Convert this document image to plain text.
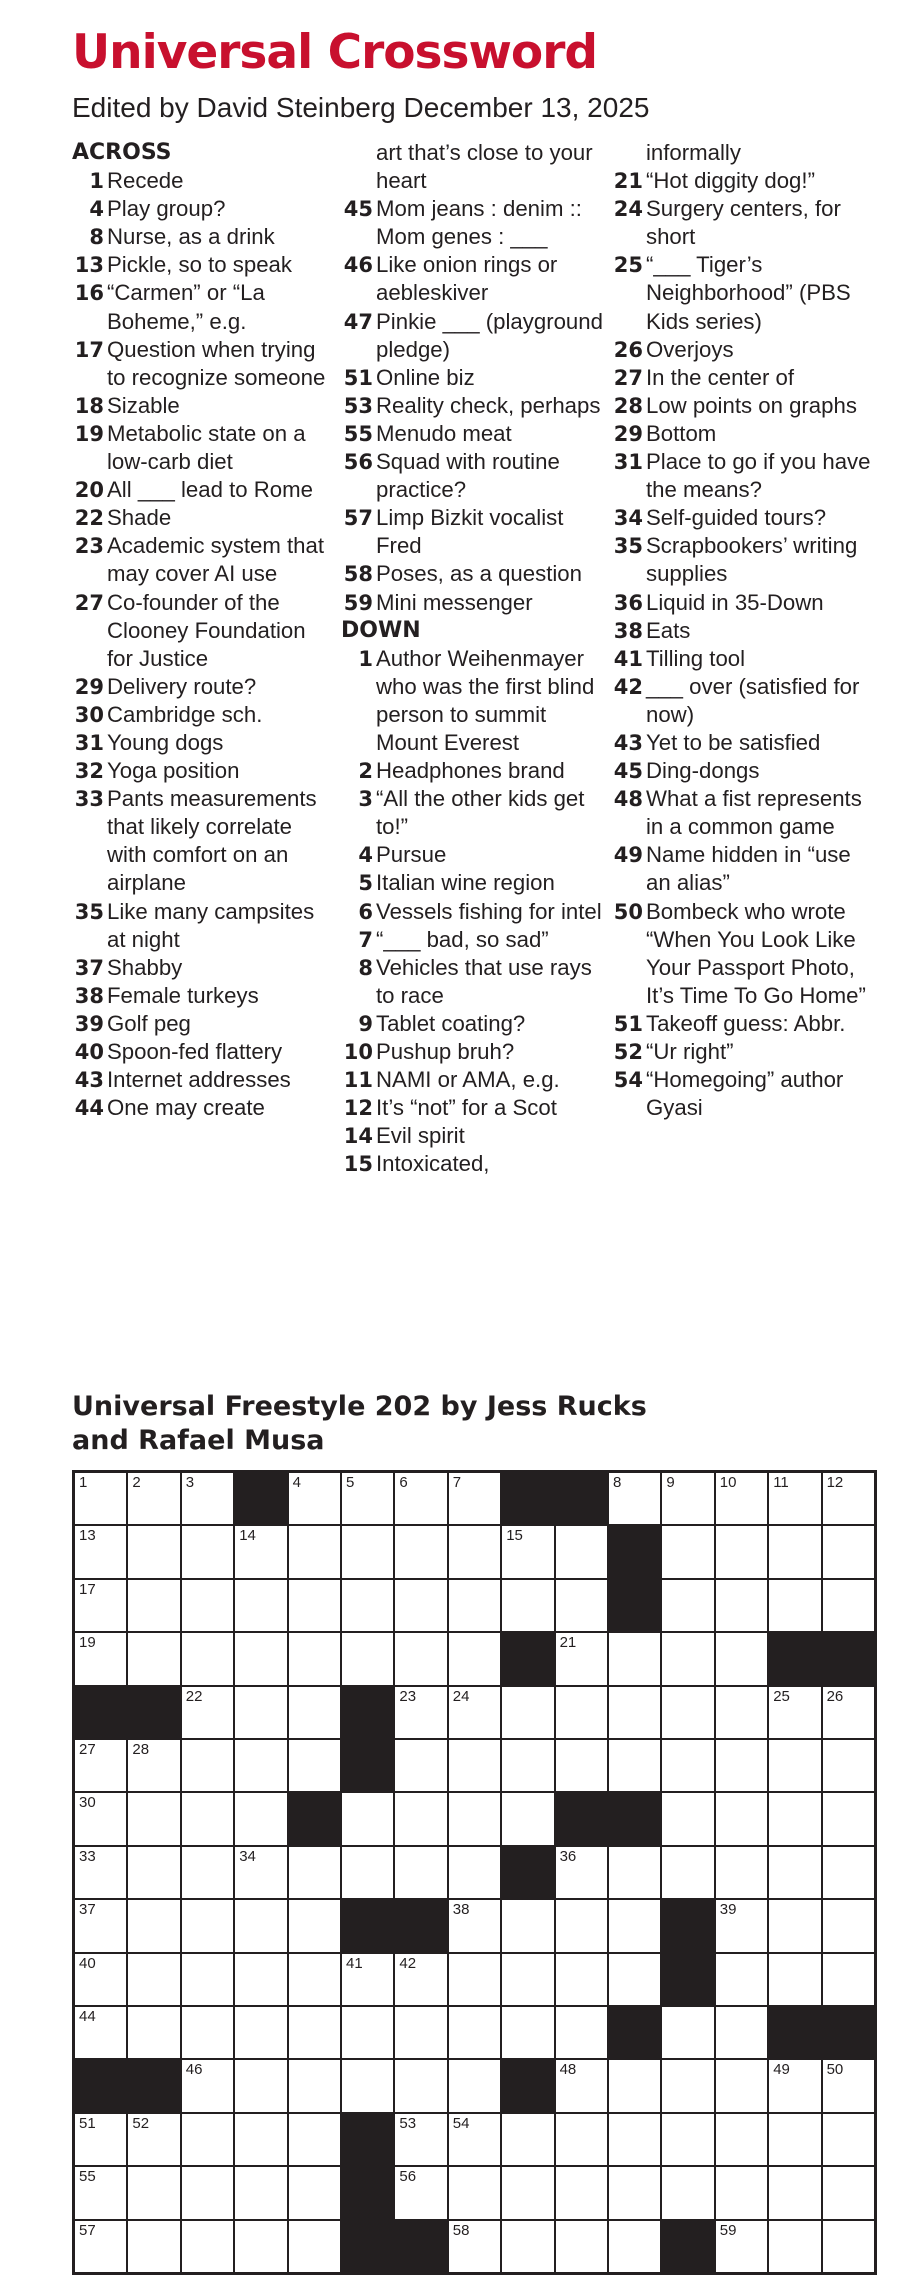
Universal Crossword
Edited by David Steinberg December 13, 2025
ACROSS
1 Recede
4 Play group?
8 Nurse, as a drink
13 Pickle, so to speak
16 “Carmen” or “La Boheme,” e.g.
17 Question when trying to recognize someone
18 Sizable
19 Metabolic state on a low-carb diet
20 All ___ lead to Rome
22 Shade
23 Academic system that may cover AI use
27 Co-founder of the Clooney Foundation for Justice
29 Delivery route?
30 Cambridge sch.
31 Young dogs
32 Yoga position
33 Pants measurements that likely correlate with comfort on an airplane
35 Like many campsites at night
37 Shabby
38 Female turkeys
39 Golf peg
40 Spoon-fed flattery
43 Internet addresses
44 One may create
art that’s close to your heart
45 Mom jeans : denim :: Mom genes : ___
46 Like onion rings or aebleskiver
47 Pinkie ___ (playground pledge)
51 Online biz
53 Reality check, perhaps
55 Menudo meat
56 Squad with routine practice?
57 Limp Bizkit vocalist Fred
58 Poses, as a question
59 Mini messenger
DOWN
1 Author Weihenmayer who was the first blind person to summit Mount Everest
2 Headphones brand
3 “All the other kids get to!”
4 Pursue
5 Italian wine region
6 Vessels fishing for intel
7 “___ bad, so sad”
8 Vehicles that use rays to race
9 Tablet coating?
10 Pushup bruh?
11 NAMI or AMA, e.g.
12 It’s “not” for a Scot
14 Evil spirit
15 Intoxicated,
informally
21 “Hot diggity dog!”
24 Surgery centers, for short
25 “___ Tiger’s Neighborhood” (PBS Kids series)
26 Overjoys
27 In the center of
28 Low points on graphs
29 Bottom
31 Place to go if you have the means?
34 Self-guided tours?
35 Scrapbookers’ writing supplies
36 Liquid in 35-Down
38 Eats
41 Tilling tool
42 ___ over (satisfied for now)
43 Yet to be satisfied
45 Ding-dongs
48 What a fist represents in a common game
49 Name hidden in “use an alias”
50 Bombeck who wrote “When You Look Like Your Passport Photo, It’s Time To Go Home”
51 Takeoff guess: Abbr.
52 “Ur right”
54 “Homegoing” author Gyasi
Universal Freestyle 202 by Jess Rucks and Rafael Musa
1	2	3	4	5	6	7	8	9	10 11	12
13	14	15
17
19	21
22	23 24	25 26
27 28
30
33	34	36
37	38	39
40	41 42
44
46	48	49 50
51 52	53 54
55	56
57	58	59
